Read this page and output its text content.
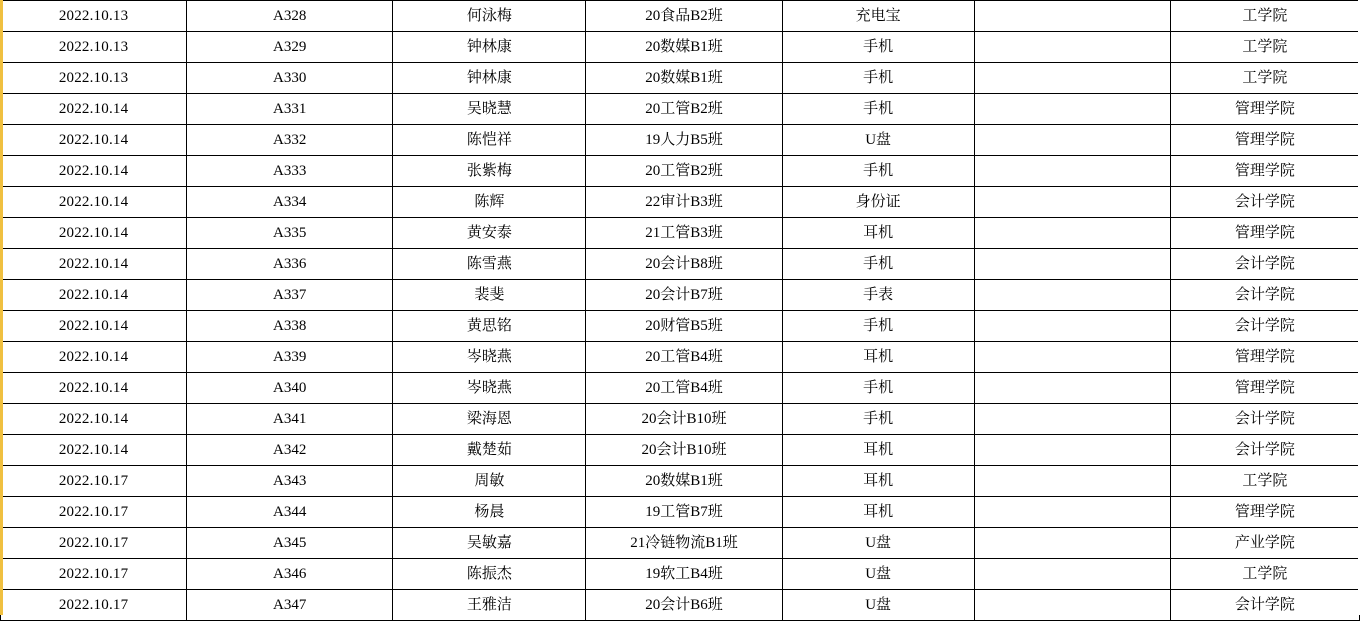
2022.10.13	A328	何泳梅	20食品B2班	充电宝		工学院
2022.10.13	A329	钟林康	20数媒B1班	手机		工学院
2022.10.13	A330	钟林康	20数媒B1班	手机		工学院
2022.10.14	A331	吴晓慧	20工管B2班	手机		管理学院
2022.10.14	A332	陈恺祥	19人力B5班	U盘		管理学院
2022.10.14	A333	张紫梅	20工管B2班	手机		管理学院
2022.10.14	A334	陈辉	22审计B3班	身份证		会计学院
2022.10.14	A335	黄安泰	21工管B3班	耳机		管理学院
2022.10.14	A336	陈雪燕	20会计B8班	手机		会计学院
2022.10.14	A337	裴斐	20会计B7班	手表		会计学院
2022.10.14	A338	黄思铭	20财管B5班	手机		会计学院
2022.10.14	A339	岑晓燕	20工管B4班	耳机		管理学院
2022.10.14	A340	岑晓燕	20工管B4班	手机		管理学院
2022.10.14	A341	梁海恩	20会计B10班	手机		会计学院
2022.10.14	A342	戴楚茹	20会计B10班	耳机		会计学院
2022.10.17	A343	周敏	20数媒B1班	耳机		工学院
2022.10.17	A344	杨晨	19工管B7班	耳机		管理学院
2022.10.17	A345	吴敏嘉	21冷链物流B1班	U盘		产业学院
2022.10.17	A346	陈振杰	19软工B4班	U盘		工学院
2022.10.17	A347	王雅洁	20会计B6班	U盘		会计学院
